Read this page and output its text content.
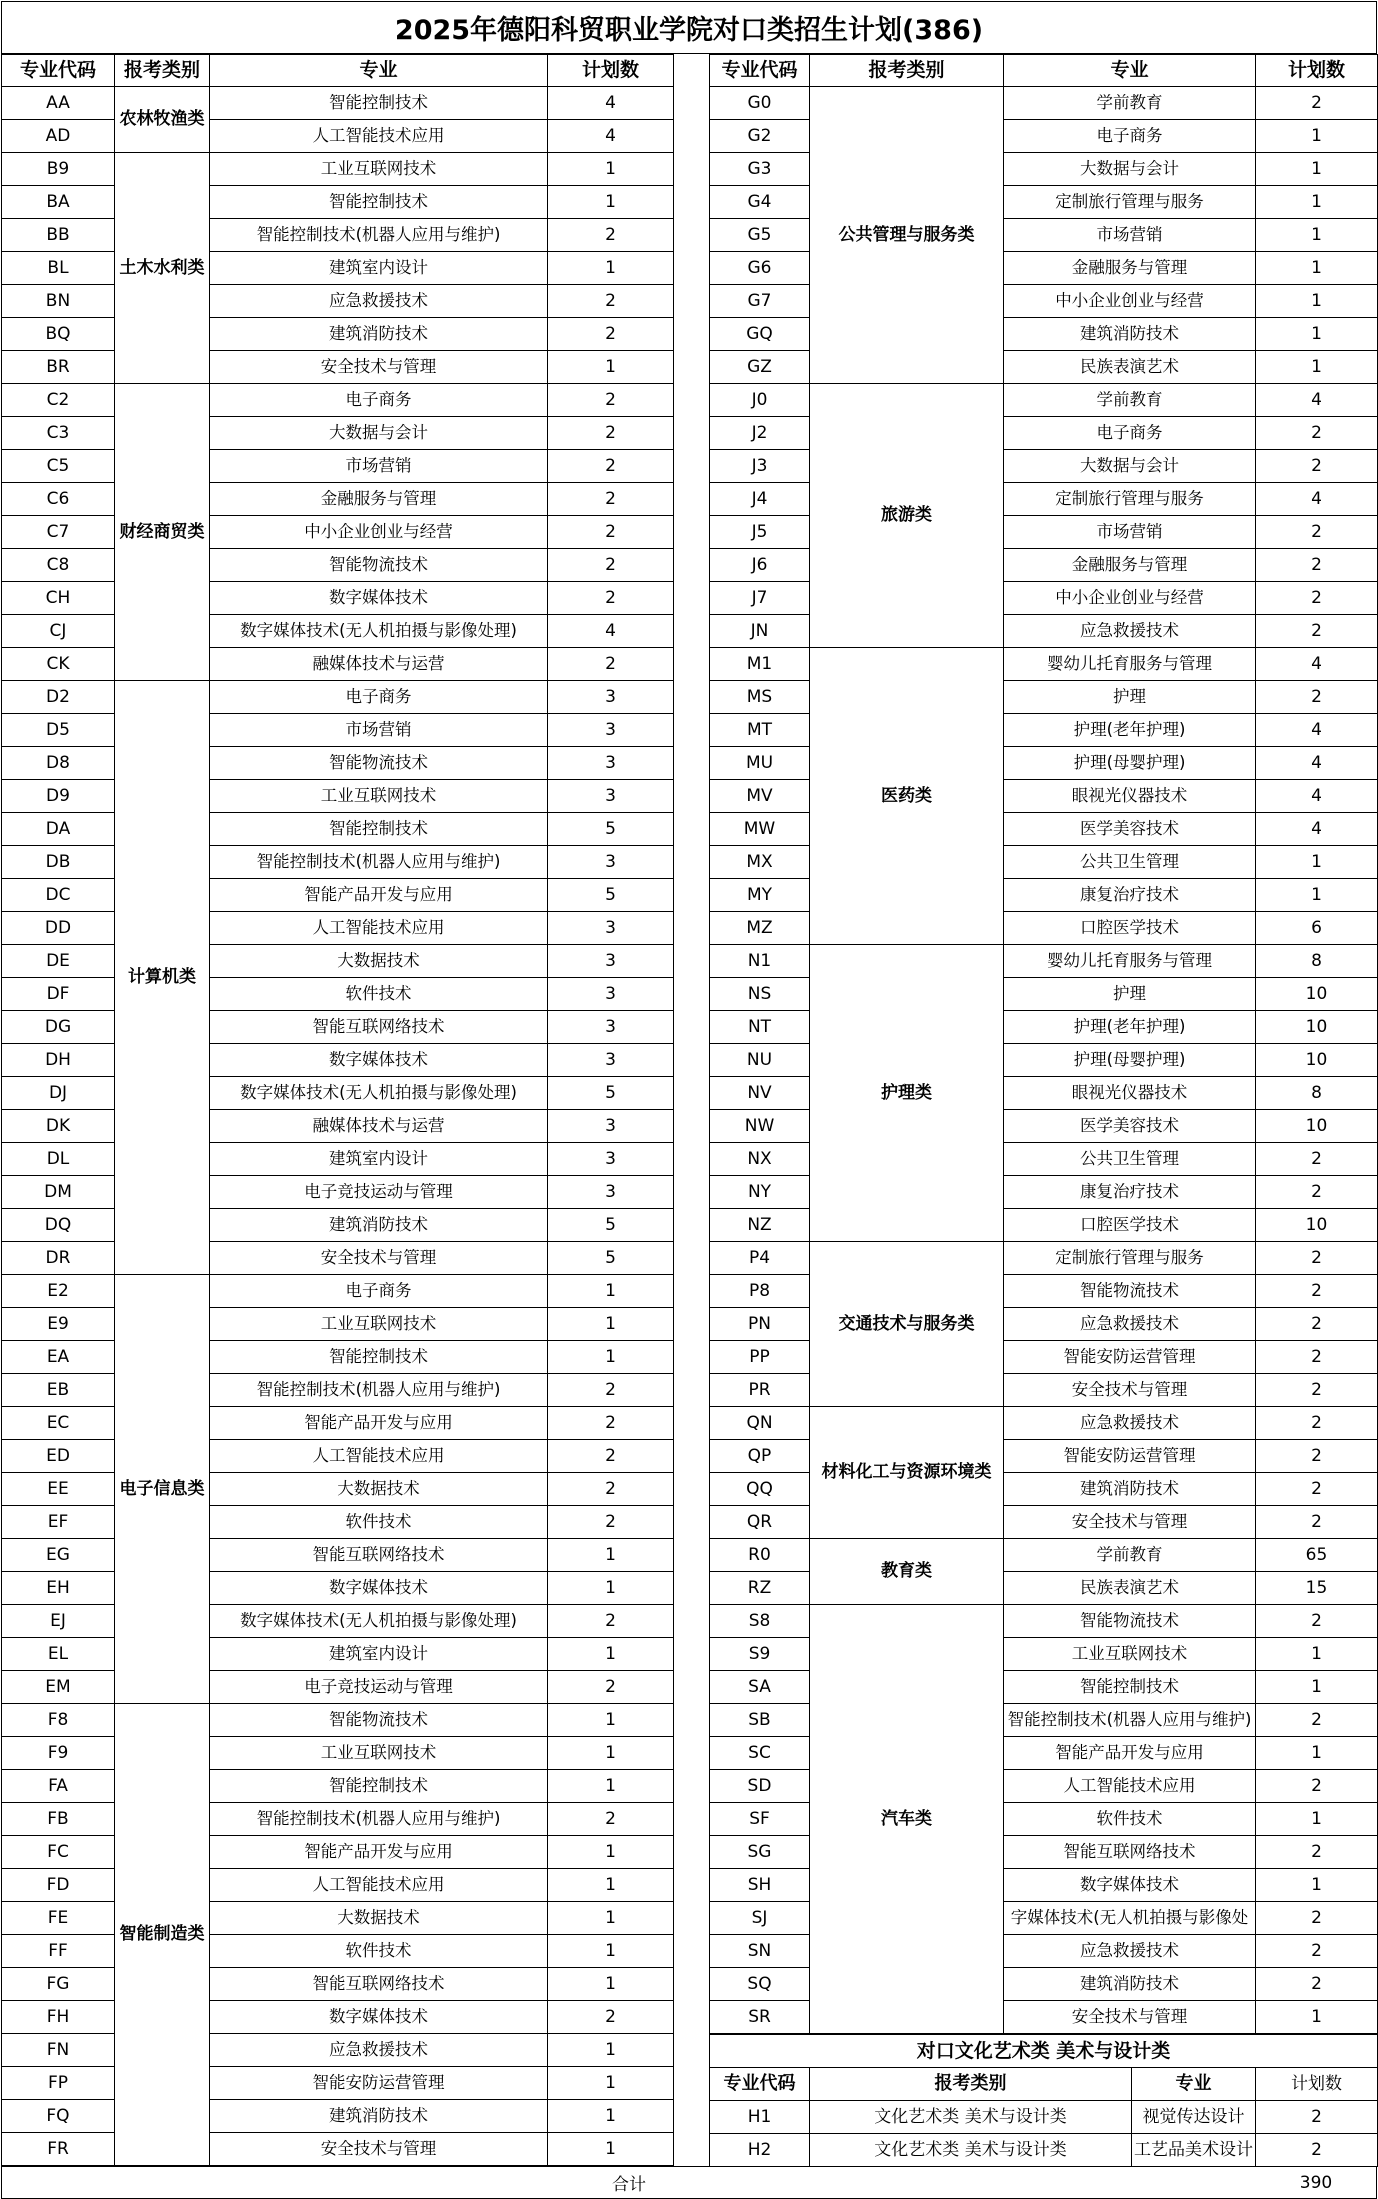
2025年德阳科贸职业学院对口类招生计划(386)
专业代码	报考类别	专业	计划数
AA	农林牧渔类	智能控制技术	4
AD		人工智能技术应用	4
B9	土木水利类	工业互联网技术	1
BA		智能控制技术	1
BB		智能控制技术(机器人应用与维护)	2
BL		建筑室内设计	1
BN		应急救援技术	2
BQ		建筑消防技术	2
BR		安全技术与管理	1
C2	财经商贸类	电子商务	2
C3		大数据与会计	2
C5		市场营销	2
C6		金融服务与管理	2
C7		中小企业创业与经营	2
C8		智能物流技术	2
CH		数字媒体技术	2
CJ		数字媒体技术(无人机拍摄与影像处理)	4
CK		融媒体技术与运营	2
D2	计算机类	电子商务	3
D5		市场营销	3
D8		智能物流技术	3
D9		工业互联网技术	3
DA		智能控制技术	5
DB		智能控制技术(机器人应用与维护)	3
DC		智能产品开发与应用	5
DD		人工智能技术应用	3
DE		大数据技术	3
DF		软件技术	3
DG		智能互联网络技术	3
DH		数字媒体技术	3
DJ		数字媒体技术(无人机拍摄与影像处理)	5
DK		融媒体技术与运营	3
DL		建筑室内设计	3
DM		电子竞技运动与管理	3
DQ		建筑消防技术	5
DR		安全技术与管理	5
E2	电子信息类	电子商务	1
E9		工业互联网技术	1
EA		智能控制技术	1
EB		智能控制技术(机器人应用与维护)	2
EC		智能产品开发与应用	2
ED		人工智能技术应用	2
EE		大数据技术	2
EF		软件技术	2
EG		智能互联网络技术	1
EH		数字媒体技术	1
EJ		数字媒体技术(无人机拍摄与影像处理)	2
EL		建筑室内设计	1
EM		电子竞技运动与管理	2
F8	智能制造类	智能物流技术	1
F9		工业互联网技术	1
FA		智能控制技术	1
FB		智能控制技术(机器人应用与维护)	2
FC		智能产品开发与应用	1
FD		人工智能技术应用	1
FE		大数据技术	1
FF		软件技术	1
FG		智能互联网络技术	1
FH		数字媒体技术	2
FN		应急救援技术	1
FP		智能安防运营管理	1
FQ		建筑消防技术	1
FR		安全技术与管理	1
专业代码	报考类别	专业	计划数
G0	公共管理与服务类	学前教育	2
G2		电子商务	1
G3		大数据与会计	1
G4		定制旅行管理与服务	1
G5		市场营销	1
G6		金融服务与管理	1
G7		中小企业创业与经营	1
GQ		建筑消防技术	1
GZ		民族表演艺术	1
J0	旅游类	学前教育	4
J2		电子商务	2
J3		大数据与会计	2
J4		定制旅行管理与服务	4
J5		市场营销	2
J6		金融服务与管理	2
J7		中小企业创业与经营	2
JN		应急救援技术	2
M1	医药类	婴幼儿托育服务与管理	4
MS		护理	2
MT		护理(老年护理)	4
MU		护理(母婴护理)	4
MV		眼视光仪器技术	4
MW		医学美容技术	4
MX		公共卫生管理	1
MY		康复治疗技术	1
MZ		口腔医学技术	6
N1	护理类	婴幼儿托育服务与管理	8
NS		护理	10
NT		护理(老年护理)	10
NU		护理(母婴护理)	10
NV		眼视光仪器技术	8
NW		医学美容技术	10
NX		公共卫生管理	2
NY		康复治疗技术	2
NZ		口腔医学技术	10
P4	交通技术与服务类	定制旅行管理与服务	2
P8		智能物流技术	2
PN		应急救援技术	2
PP		智能安防运营管理	2
PR		安全技术与管理	2
QN	材料化工与资源环境类	应急救援技术	2
QP		智能安防运营管理	2
QQ		建筑消防技术	2
QR		安全技术与管理	2
R0	教育类	学前教育	65
RZ		民族表演艺术	15
S8	汽车类	智能物流技术	2
S9		工业互联网技术	1
SA		智能控制技术	1
SB		智能控制技术(机器人应用与维护)	2
SC		智能产品开发与应用	1
SD		人工智能技术应用	2
SF		软件技术	1
SG		智能互联网络技术	2
SH		数字媒体技术	1
SJ		字媒体技术(无人机拍摄与影像处	2
SN		应急救援技术	2
SQ		建筑消防技术	2
SR		安全技术与管理	1
对口文化艺术类 美术与设计类			
专业代码	报考类别	专业	计划数
H1	文化艺术类 美术与设计类	视觉传达设计	2
H2	文化艺术类 美术与设计类	工艺品美术设计	2
合计	390
